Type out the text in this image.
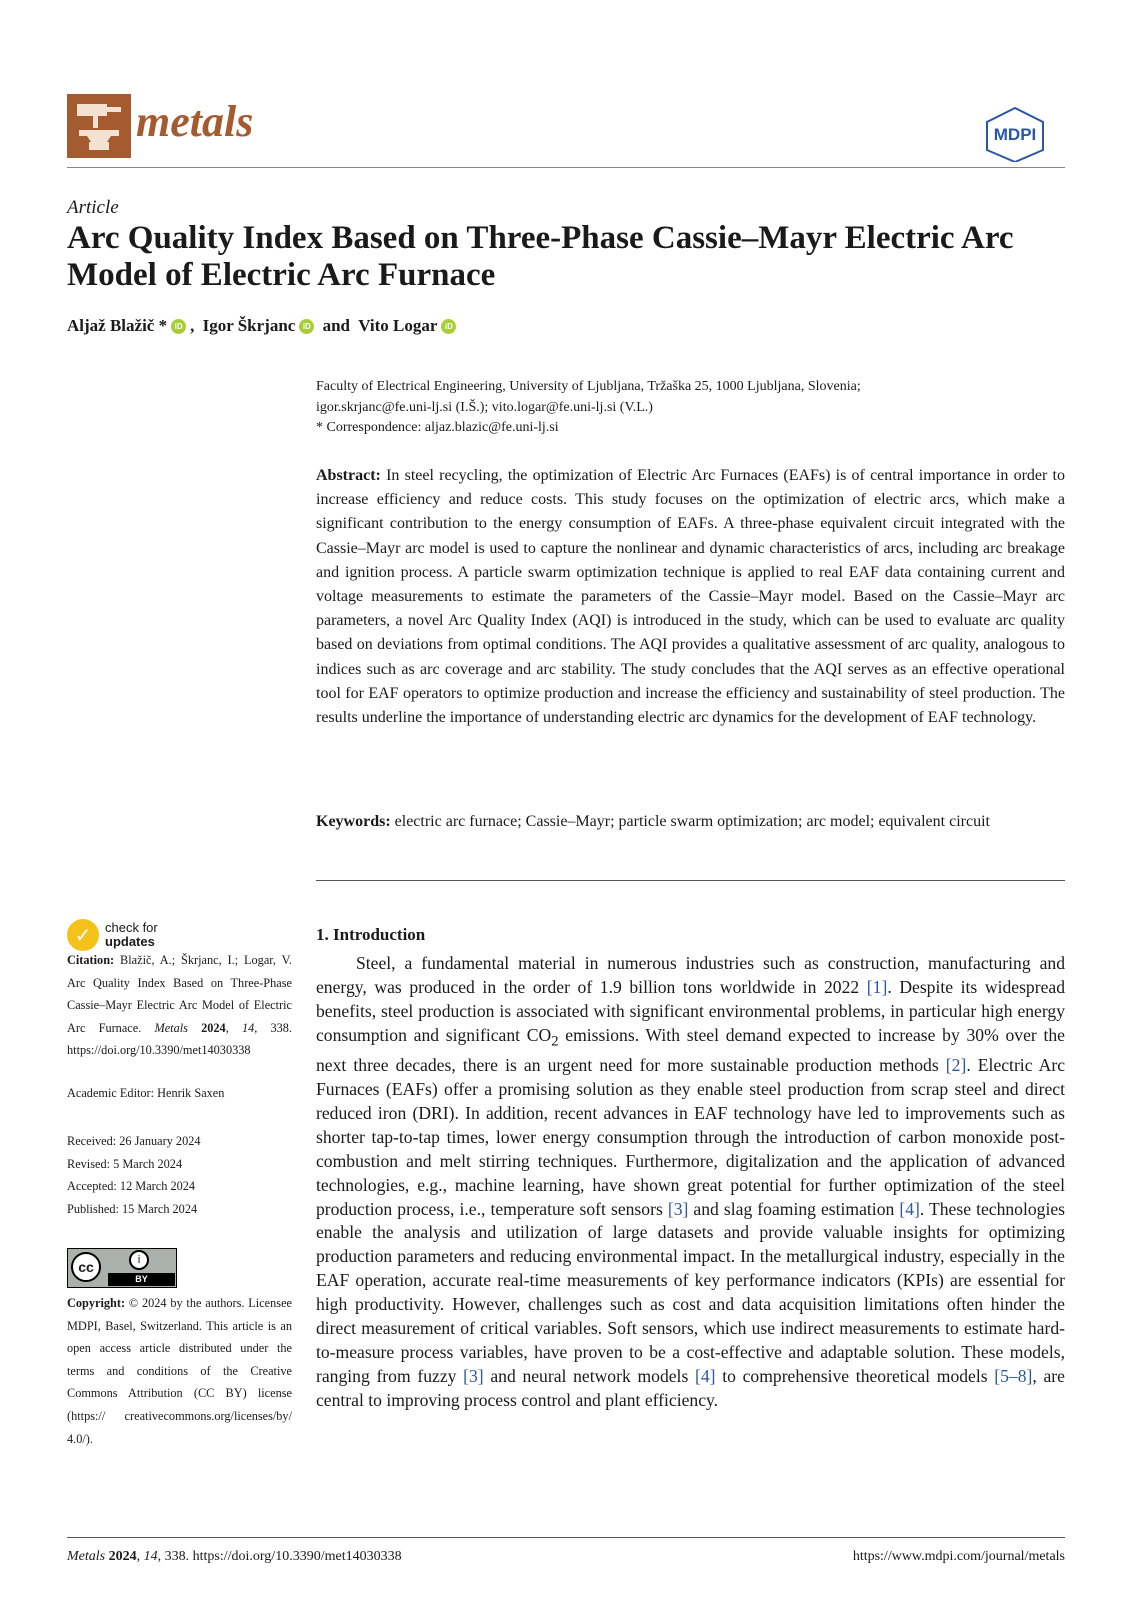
metals	MDPI
Article
Arc Quality Index Based on Three-Phase Cassie–Mayr Electric Arc Model of Electric Arc Furnace
Aljaž Blažič * iD , Igor Škrjanc iD and Vito Logar iD
Faculty of Electrical Engineering, University of Ljubljana, Tržaška 25, 1000 Ljubljana, Slovenia;
igor.skrjanc@fe.uni-lj.si (I.Š.); vito.logar@fe.uni-lj.si (V.L.)
* Correspondence: aljaz.blazic@fe.uni-lj.si
Abstract: In steel recycling, the optimization of Electric Arc Furnaces (EAFs) is of central importance in order to increase efficiency and reduce costs. This study focuses on the optimization of electric arcs, which make a significant contribution to the energy consumption of EAFs. A three-phase equivalent circuit integrated with the Cassie–Mayr arc model is used to capture the nonlinear and dynamic characteristics of arcs, including arc breakage and ignition process. A particle swarm optimization technique is applied to real EAF data containing current and voltage measurements to estimate the parameters of the Cassie–Mayr model. Based on the Cassie–Mayr arc parameters, a novel Arc Quality Index (AQI) is introduced in the study, which can be used to evaluate arc quality based on deviations from optimal conditions. The AQI provides a qualitative assessment of arc quality, analogous to indices such as arc coverage and arc stability. The study concludes that the AQI serves as an effective operational tool for EAF operators to optimize production and increase the efficiency and sustainability of steel production. The results underline the importance of understanding electric arc dynamics for the development of EAF technology.
Keywords: electric arc furnace; Cassie–Mayr; particle swarm optimization; arc model; equivalent circuit
✓	check for
updates
Citation: Blažič, A.; Škrjanc, I.; Logar, V. Arc Quality Index Based on Three-Phase Cassie–Mayr Electric Arc Model of Electric Arc Furnace. Metals 2024, 14, 338. https://doi.org/10.3390/met14030338
Academic Editor: Henrik Saxen
Received: 26 January 2024
Revised: 5 March 2024
Accepted: 12 March 2024
Published: 15 March 2024
cc	i
BY
Copyright: © 2024 by the authors. Licensee MDPI, Basel, Switzerland. This article is an open access article distributed under the terms and conditions of the Creative Commons Attribution (CC BY) license (https:// creativecommons.org/licenses/by/ 4.0/).
1. Introduction
Steel, a fundamental material in numerous industries such as construction, manufacturing and energy, was produced in the order of 1.9 billion tons worldwide in 2022 [1]. Despite its widespread benefits, steel production is associated with significant environmental problems, in particular high energy consumption and significant $CO_2$ emissions. With steel demand expected to increase by 30% over the next three decades, there is an urgent need for more sustainable production methods [2]. Electric Arc Furnaces (EAFs) offer a promising solution as they enable steel production from scrap steel and direct reduced iron (DRI). In addition, recent advances in EAF technology have led to improvements such as shorter tap-to-tap times, lower energy consumption through the introduction of carbon monoxide post-combustion and melt stirring techniques. Furthermore, digitalization and the application of advanced technologies, e.g., machine learning, have shown great potential for further optimization of the steel production process, i.e., temperature soft sensors [3] and slag foaming estimation [4]. These technologies enable the analysis and utilization of large datasets and provide valuable insights for optimizing production parameters and reducing environmental impact. In the metallurgical industry, especially in the EAF operation, accurate real-time measurements of key performance indicators (KPIs) are essential for high productivity. However, challenges such as cost and data acquisition limitations often hinder the direct measurement of critical variables. Soft sensors, which use indirect measurements to estimate hard-to-measure process variables, have proven to be a cost-effective and adaptable solution. These models, ranging from fuzzy [3] and neural network models [4] to comprehensive theoretical models [5–8], are central to improving process control and plant efficiency.
Metals 2024, 14, 338. https://doi.org/10.3390/met14030338	https://www.mdpi.com/journal/metals
